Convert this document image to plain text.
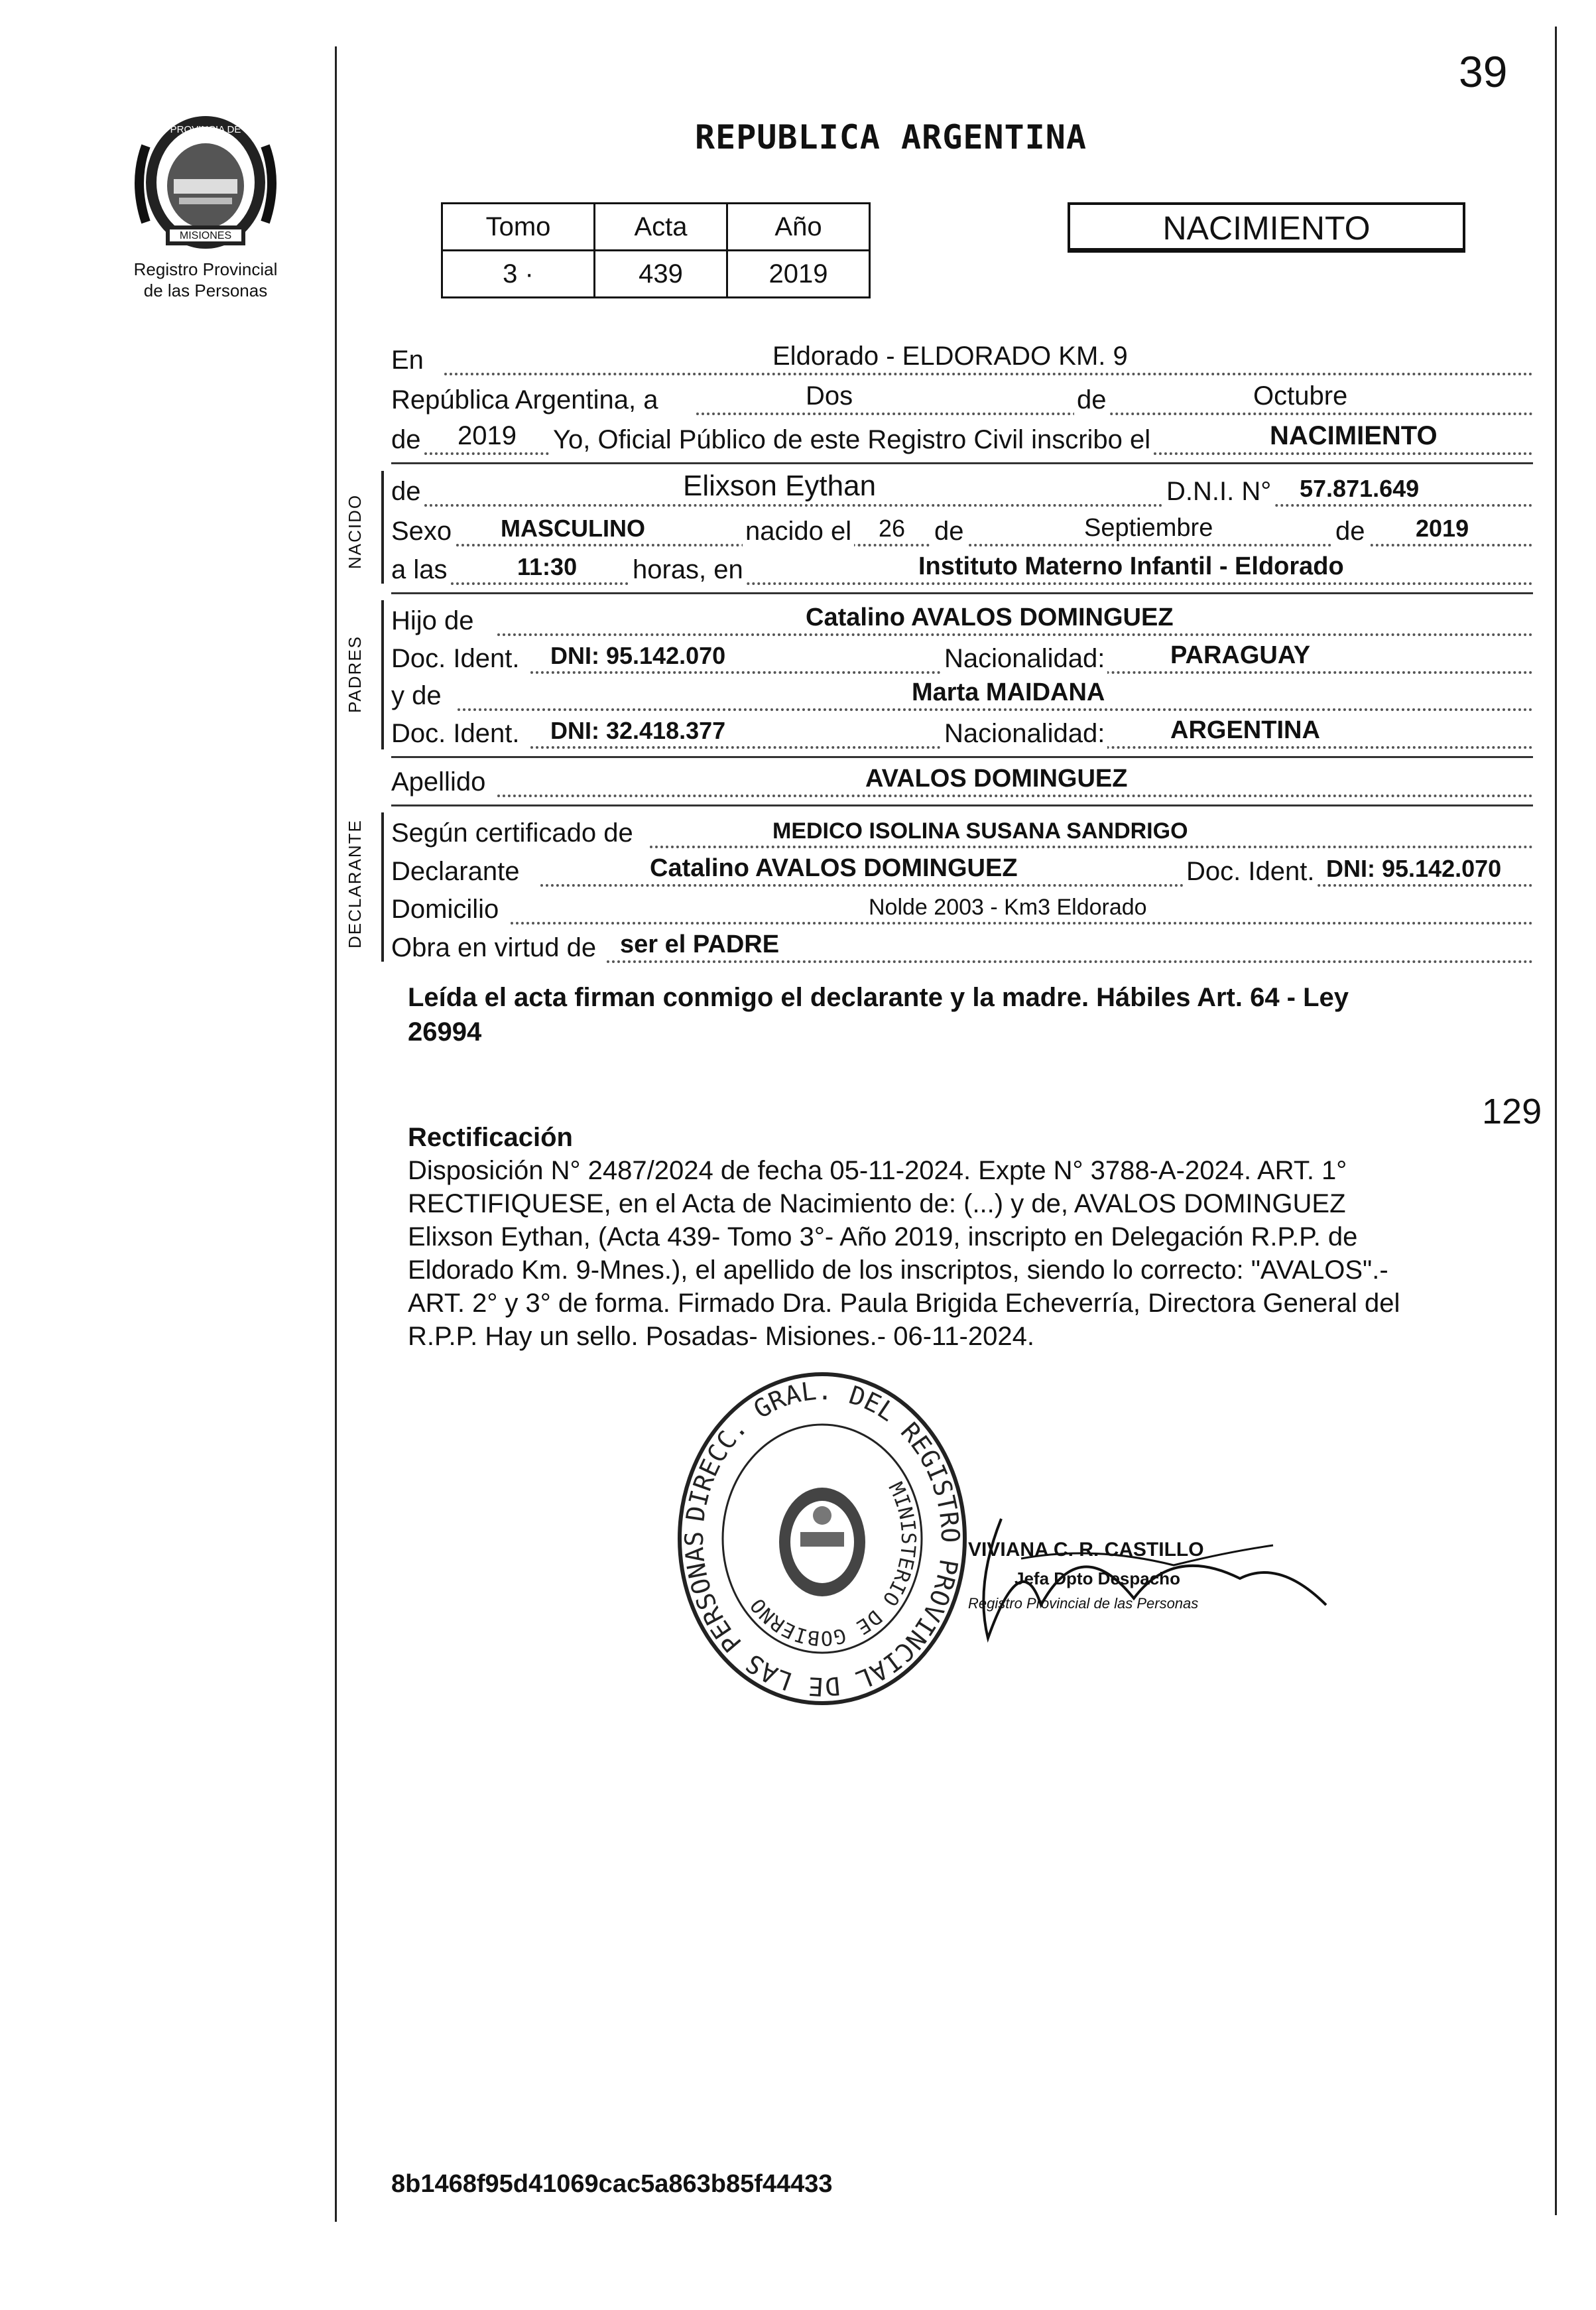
39
MISIONES
PROVINCIA DE
Registro Provincial
de las Personas
REPUBLICA ARGENTINA
Tomo	Acta	Año
3 ·	439	2019
NACIMIENTO
En	Eldorado - ELDORADO KM. 9
República Argentina, a	Dos	de	Octubre
de 2019 Yo, Oficial Público de este Registro Civil inscribo el	NACIMIENTO
NACIDO
de	Elixson Eythan	D.N.I. N° 57.871.649
Sexo MASCULINO	nacido el 26 de	Septiembre	de 2019
a las	11:30 horas, en	Instituto Materno Infantil - Eldorado
PADRES
Hijo de	Catalino AVALOS DOMINGUEZ
Doc. Ident. DNI: 95.142.070	Nacionalidad:	PARAGUAY
y de	Marta MAIDANA
Doc. Ident. DNI: 32.418.377	Nacionalidad:	ARGENTINA
Apellido	AVALOS DOMINGUEZ
DECLARANTE Según certificado de	MEDICO ISOLINA SUSANA SANDRIGO
Declarante	Catalino AVALOS DOMINGUEZ	Doc. Ident. DNI: 95.142.070
Domicilio	Nolde 2003 - Km3 Eldorado
Obra en virtud de ser el PADRE
Leída el acta firman conmigo el declarante y la madre. Hábiles Art. 64 - Ley
26994
129
Rectificación
Disposición N° 2487/2024 de fecha 05-11-2024. Expte N° 3788-A-2024. ART. 1°
RECTIFIQUESE, en el Acta de Nacimiento de: (...) y de, AVALOS DOMINGUEZ
Elixson Eythan, (Acta 439- Tomo 3°- Año 2019, inscripto en Delegación R.P.P. de
Eldorado Km. 9-Mnes.), el apellido de los inscriptos, siendo lo correcto: "AVALOS".-
ART. 2° y 3° de forma. Firmado Dra. Paula Brigida Echeverría, Directora General del
R.P.P. Hay un sello. Posadas- Misiones.- 06-11-2024.
DIRECC. GRAL. DEL REGISTRO PROVINCIAL DE LAS PERSONAS
MINISTERIO DE GOBIERNO
VIVIANA C. R. CASTILLO
Jefa Dpto Despacho
Registro Provincial de las Personas
8b1468f95d41069cac5a863b85f44433
